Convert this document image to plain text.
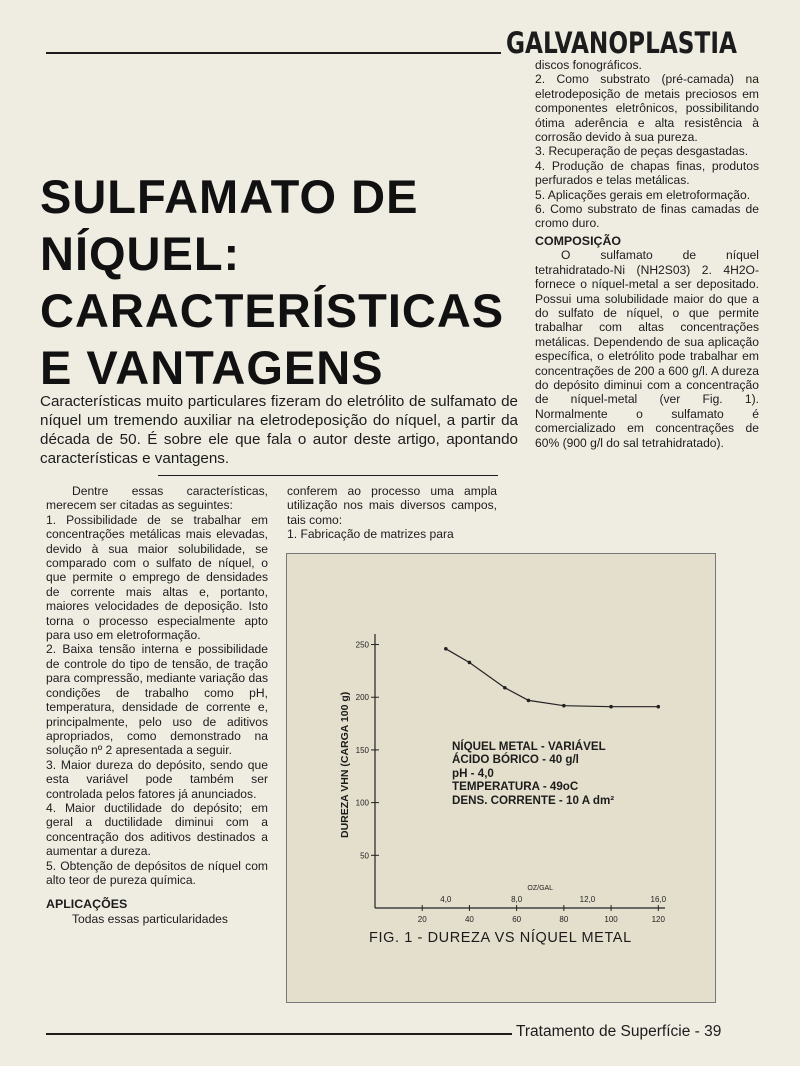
GALVANOPLASTIA
SULFAMATO DE
NÍQUEL:
CARACTERÍSTICAS
E VANTAGENS

Características muito particulares fizeram do eletrólito de sulfamato de níquel um tremendo auxiliar na eletrodeposição do níquel, a partir da década de 50. É sobre ele que fala o autor deste artigo, apontando características e vantagens.

Dentre essas características, merecem ser citadas as seguintes:

1. Possibilidade de se trabalhar em concentrações metálicas mais elevadas, devido à sua maior solubilidade, se comparado com o sulfato de níquel, o que permite o emprego de densidades de corrente mais altas e, portanto, maiores velocidades de deposição. Isto torna o processo especialmente apto para uso em eletroformação.

2. Baixa tensão interna e possibilidade de controle do tipo de tensão, de tração para compressão, mediante variação das condições de trabalho como pH, temperatura, densidade de corrente e, principalmente, pelo uso de aditivos apropriados, como demonstrado na solução nº 2 apresentada a seguir.

3. Maior dureza do depósito, sendo que esta variável pode também ser controlada pelos fatores já anunciados.

4. Maior ductilidade do depósito; em geral a ductilidade diminui com a concentração dos aditivos destinados a aumentar a dureza.

5. Obtenção de depósitos de níquel com alto teor de pureza química.

APLICAÇÕES

Todas essas particularidades

conferem ao processo uma ampla utilização nos mais diversos campos, tais como:

1. Fabricação de matrizes para

discos fonográficos.

2. Como substrato (pré-camada) na eletrodeposição de metais preciosos em componentes eletrônicos, possibilitando ótima aderência e alta resistência à corrosão devido à sua pureza.

3. Recuperação de peças desgastadas.

4. Produção de chapas finas, produtos perfurados e telas metálicas.

5. Aplicações gerais em eletroformação.

6. Como substrato de finas camadas de cromo duro.

COMPOSIÇÃO

O sulfamato de níquel tetrahidratado-Ni (NH2S03) 2. 4H2O-fornece o níquel-metal a ser depositado. Possui uma solubilidade maior do que a do sulfato de níquel, o que permite trabalhar com altas concentrações metálicas. Dependendo de sua aplicação específica, o eletrólito pode trabalhar em concentrações de 200 a 600 g/l. A dureza do depósito diminui com a concentração de níquel-metal (ver Fig. 1). Normalmente o sulfamato é comercializado em concentrações de 60% (900 g/l do sal tetrahidratado).

50
100
150
200
250
20	40	60	80	100	120
4,0	8,0	12,0	16,0
OZ/GAL
DUREZA VHN (CARGA 100 g)	NÍQUEL METAL - VARIÁVEL
ÁCIDO BÓRICO - 40 g/l
pH - 4,0
TEMPERATURA - 49oC
DENS. CORRENTE - 10 A dm²
FIG. 1 - DUREZA VS NÍQUEL METAL
Tratamento de Superfície - 39
